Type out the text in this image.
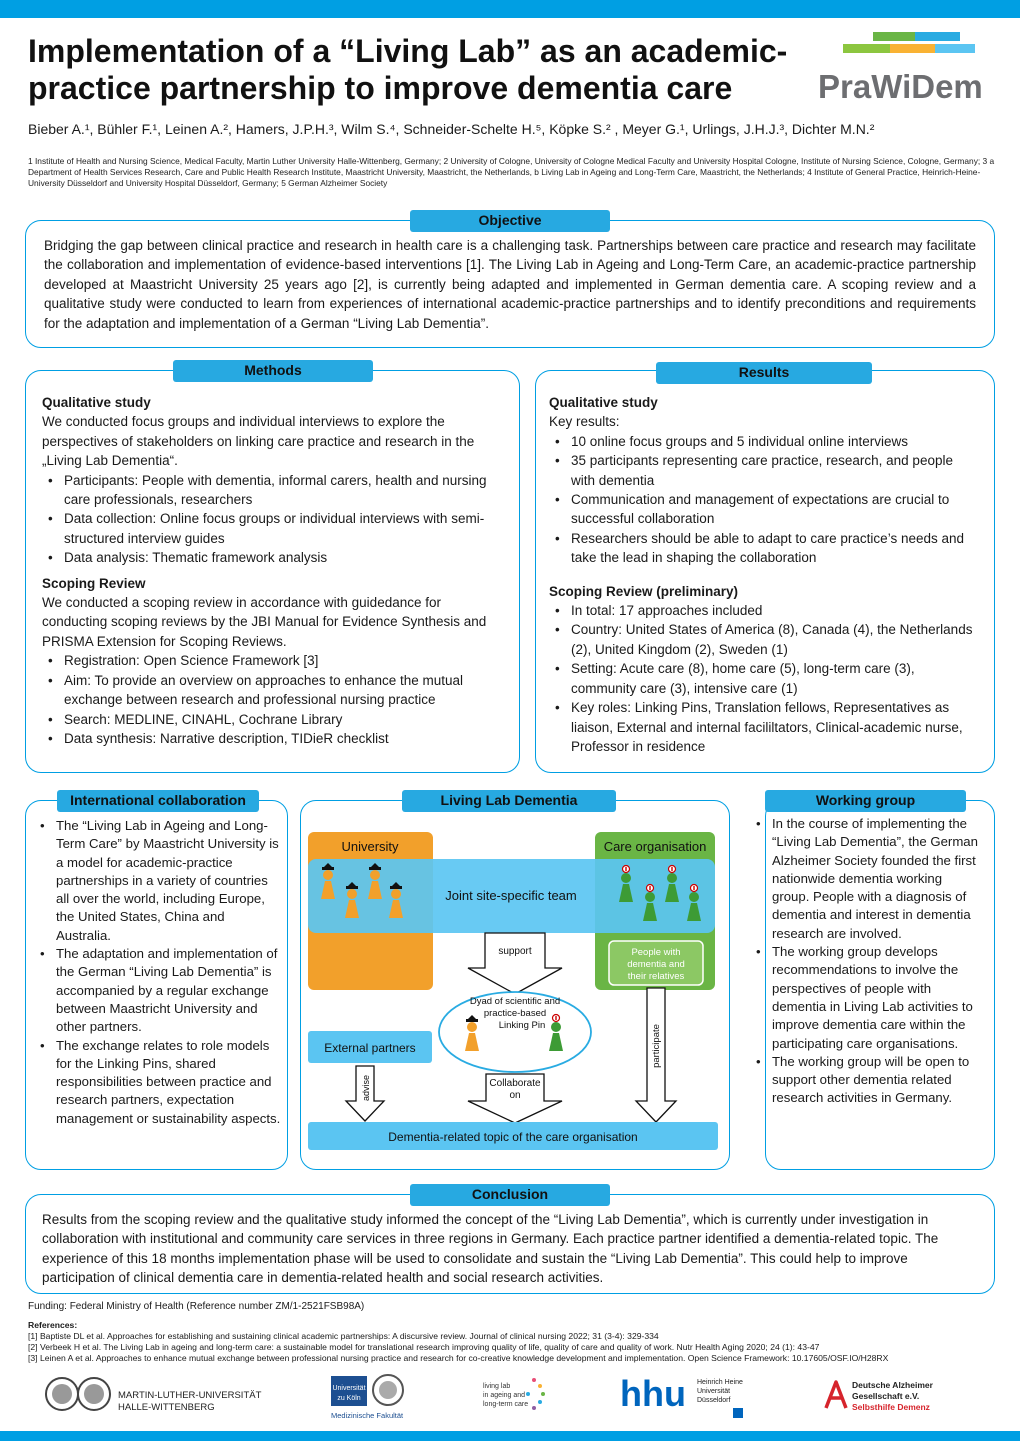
Implementation of a “Living Lab” as an academic-
practice partnership to improve dementia care	PraWiDem
Bieber A.¹, Bühler F.¹, Leinen A.², Hamers, J.P.H.³, Wilm S.⁴, Schneider-Schelte H.⁵, Köpke S.² , Meyer G.¹, Urlings, J.H.J.³, Dichter M.N.²
1 Institute of Health and Nursing Science, Medical Faculty, Martin Luther University Halle-Wittenberg, Germany; 2 University of Cologne, University of Cologne Medical Faculty and University Hospital Cologne, Institute of Nursing Science, Cologne, Germany; 3 a Department of Health Services Research, Care and Public Health Research Institute, Maastricht University, Maastricht, the Netherlands, b Living Lab in Ageing and Long-Term Care, Maastricht, the Netherlands; 4 Institute of General Practice, Heinrich-Heine-University Düsseldorf and University Hospital Düsseldorf, Germany; 5 German Alzheimer Society
Objective
Bridging the gap between clinical practice and research in health care is a challenging task. Partnerships between care practice and research may facilitate the collaboration and implementation of evidence-based interventions [1]. The Living Lab in Ageing and Long-Term Care, an academic-practice partnership developed at Maastricht University 25 years ago [2], is currently being adapted and implemented in German dementia care. A scoping review and a qualitative study were conducted to learn from experiences of international academic-practice partnerships and to identify preconditions and requirements for the adaptation and implementation of a German “Living Lab Dementia”.
Methods

Qualitative study

We conducted focus groups and individual interviews to explore the perspectives of stakeholders on linking care practice and research in the „Living Lab Dementia“.

• Participants: People with dementia, informal carers, health and nursing care professionals, researchers
• Data collection: Online focus groups or individual interviews with semi-structured interview guides
• Data analysis: Thematic framework analysis

Scoping Review

We conducted a scoping review in accordance with guidedance for conducting scoping reviews by the JBI Manual for Evidence Synthesis and PRISMA Extension for Scoping Reviews.

• Registration: Open Science Framework [3]
• Aim: To provide an overview on approaches to enhance the mutual exchange between research and professional nursing practice
• Search: MEDLINE, CINAHL, Cochrane Library
• Data synthesis: Narrative description, TIDieR checklist
Results

Qualitative study

Key results:

• 10 online focus groups and 5 individual online interviews
• 35 participants representing care practice, research, and people with dementia
• Communication and management of expectations are crucial to successful collaboration
• Researchers should be able to adapt to care practice’s needs and take the lead in shaping the collaboration

Scoping Review (preliminary)

• In total: 17 approaches included
• Country: United States of America (8), Canada (4), the Netherlands (2), United Kingdom (2), Sweden (1)
• Setting: Acute care (8), home care (5), long-term care (3), community care (3), intensive care (1)
• Key roles: Linking Pins, Translation fellows, Representatives as liaison, External and internal facililtators, Clinical-academic nurse, Professor in residence
International collaboration
• The “Living Lab in Ageing and Long-Term Care” by Maastricht University is a model for academic-practice partnerships in a variety of countries all over the world, including Europe, the United States, China and Australia.
• The adaptation and implementation of the German “Living Lab Dementia” is accompanied by a regular exchange between Maastricht University and other partners.
• The exchange relates to role models for the Linking Pins, shared responsibilities between practice and research partners, expectation management or sustainability aspects.
Living Lab Dementia
University	Care organisation
Joint site-specific team
People with
dementia and
their relatives
support
Dyad of scientific and
practice-based
Linking Pin
External partners
advise	Collaborate
on
participate
Dementia-related topic of the care organisation
Working group
• In the course of implementing the “Living Lab Dementia”, the German Alzheimer Society founded the first nationwide dementia working group. People with a diagnosis of dementia and interest in dementia research are involved.
• The working group develops recommendations to involve the perspectives of people with dementia in Living Lab activities to improve dementia care within the participating care organisations.
• The working group will be open to support other dementia related research activities in Germany.
Conclusion
Results from the scoping review and the qualitative study informed the concept of the “Living Lab Dementia”, which is currently under investigation in collaboration with institutional and community care services in three regions in Germany. Each practice partner identified a dementia-related topic. The experience of this 18 months implementation phase will be used to consolidate and sustain the “Living Lab Dementia”. This could help to improve participation of clinical dementia care in dementia-related health and social research activities.
Funding: Federal Ministry of Health (Reference number ZM/1-2521FSB98A)
References:
[1] Baptiste DL et al. Approaches for establishing and sustaining clinical academic partnerships: A discursive review. Journal of clinical nursing 2022; 31 (3-4): 329-334
[2] Verbeek H et al. The Living Lab in ageing and long-term care: a sustainable model for translational research improving quality of life, quality of care and quality of work. Nutr Health Aging 2020; 24 (1): 43-47
[3] Leinen A et al. Approaches to enhance mutual exchange between professional nursing practice and research for co-creative knowledge development and implementation. Open Science Framework: 10.17605/OSF.IO/H28RX
MARTIN-LUTHER-UNIVERSITÄT
HALLE-WITTENBERG
Universität
zu Köln
Medizinische Fakultät
living lab
in ageing and
long-term care	hhu Heinrich Heine
Universität
Düsseldorf
Deutsche Alzheimer
Gesellschaft e.V.
Selbsthilfe Demenz
